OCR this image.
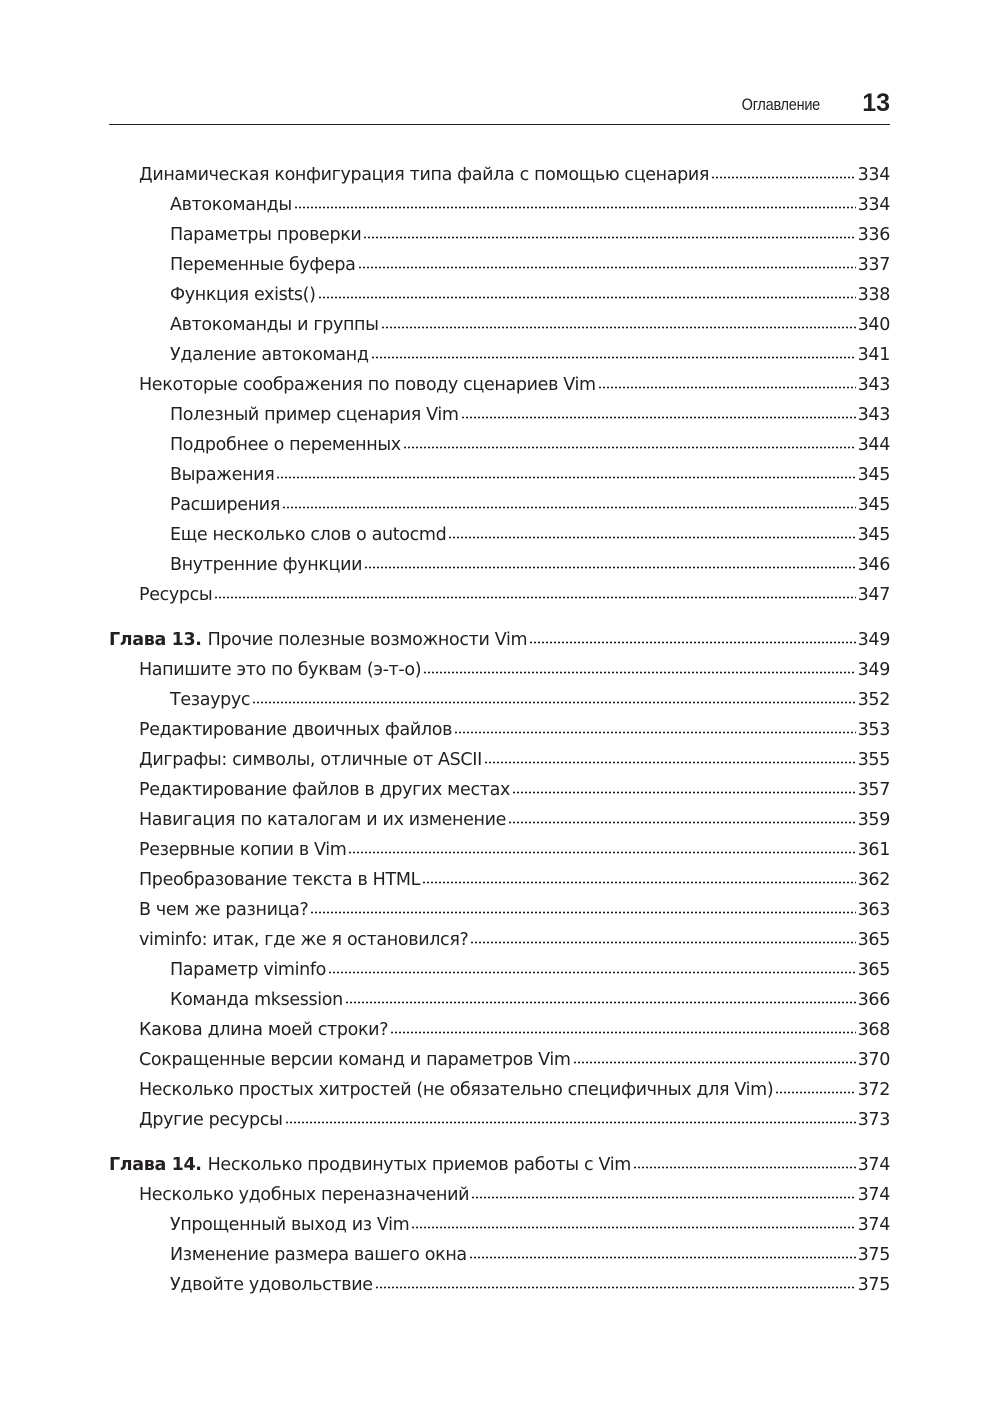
Оглавление 13
Динамическая конфигурация типа файла с помощью сценария	334
Автокоманды	334
Параметры проверки	336
Переменные буфера	337
Функция exists()	338
Автокоманды и группы	340
Удаление автокоманд	341
Некоторые соображения по поводу сценариев Vim	343
Полезный пример сценария Vim	343
Подробнее о переменных	344
Выражения	345
Расширения	345
Еще несколько слов о autocmd	345
Внутренние функции	346
Ресурсы	347
Глава 13. Прочие полезные возможности Vim	349
Напишите это по буквам (э-т-о)	349
Тезаурус	352
Редактирование двоичных файлов	353
Диграфы: символы, отличные от ASCII	355
Редактирование файлов в других местах	357
Навигация по каталогам и их изменение	359
Резервные копии в Vim	361
Преобразование текста в HTML	362
В чем же разница?	363
viminfo: итак, где же я остановился?	365
Параметр viminfo	365
Команда mksession	366
Какова длина моей строки?	368
Сокращенные версии команд и параметров Vim	370
Несколько простых хитростей (не обязательно специфичных для Vim)	372
Другие ресурсы	373
Глава 14. Несколько продвинутых приемов работы с Vim	374
Несколько удобных переназначений	374
Упрощенный выход из Vim	374
Изменение размера вашего окна	375
Удвойте удовольствие	375
